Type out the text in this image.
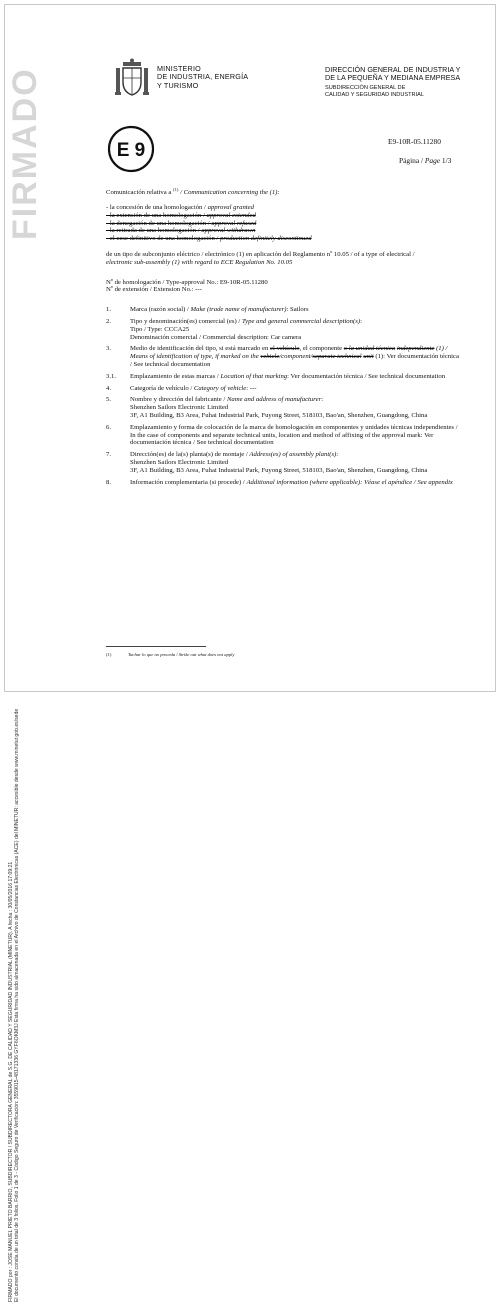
FIRMADO por : JOSE MANUEL PRIETO BARRIO, SUBDIRECTOR / SUBDIRECTORA GENERAL de S.G. DE CALIDAD Y SEGURIDAD INDUSTRIAL (MINETUR). A fecha : 30/05/2016 17:09:21 El documento consta de un total de 3 folios. Folio 1 de 3 - Código Seguro de Verificación: 3559015-48171336 GYF6OKM3J Esta firma ha sido almacenada en el Archivo de Constancias Electrónicas (ACE) del MINETUR: accesible desde www.minetur.gob.es/sede
FIRMADO	MINISTERIO
DE INDUSTRIA, ENERGÍA
Y TURISMO
DIRECCIÓN GENERAL DE INDUSTRIA Y
DE LA PEQUEÑA Y MEDIANA EMPRESA
SUBDIRECCIÓN GENERAL DE
CALIDAD Y SEGURIDAD INDUSTRIAL
E 9	E9-10R-05.11280
Página / Page 1/3

Comunicación relativa a $^{(1)}$ / Communication concerning the (1):

- la concesión de una homologación / approval granted
- la extensión de una homologación / approval extended
- la denegación de una homologación / approval refused
- la retirada de una homologación / approval withdrawn
- el cese definitivo de una homologación / production definitely discontinued
de un tipo de subconjunto eléctrico / electrónico (1) en aplicación del Reglamento nº 10.05 / of a type of electrical /
electronic sub-assembly (1) with regard to ECE Regulation No. 10.05
Nº de homologación / Type-approval No.: E9-10R-05.11280
Nº de extensión / Extension No.: ---
1.	Marca (razón social) / Make (trade name of manufacturer): Sailors
2.	Tipo y denominación(es) comercial (es) / Type and general commercial description(s):
Tipo / Type: CCCA25
Denominación comercial / Commercial description: Car camera
3.	Medio de identificación del tipo, si está marcado en el vehículo, el componente o la unidad técnica independiente (1) / Means of identification of type, if marked on the vehicle/component/separate technical unit (1): Ver documentación técnica / See technical documentation
3.1.	Emplazamiento de estas marcas / Location of that marking: Ver documentación técnica / See technical documentation
4.	Categoría de vehículo / Category of vehicle: ---
5.	Nombre y dirección del fabricante / Name and address of manufacturer:
Shenzhen Sailors Electronic Limited
3F, A1 Building, B3 Area, Fuhai Industrial Park, Fuyong Street, 518103, Bao'an, Shenzhen, Guangdong, China
6.	Emplazamiento y forma de colocación de la marca de homologación en componentes y unidades técnicas independientes / In the case of components and separate technical units, location and method of affixing of the approval mark: Ver documentación técnica / See technical documentation
7.	Dirección(es) de la(s) planta(s) de montaje / Address(es) of assembly plant(s):
Shenzhen Sailors Electronic Limited
3F, A1 Building, B3 Area, Fuhai Industrial Park, Fuyong Street, 518103, Bao'an, Shenzhen, Guangdong, China
8.	Información complementaria (si procede) / Additional information (where applicable): Véase el apéndice / See appendix
(1)	Tachar lo que no proceda / Strike out what does not apply
